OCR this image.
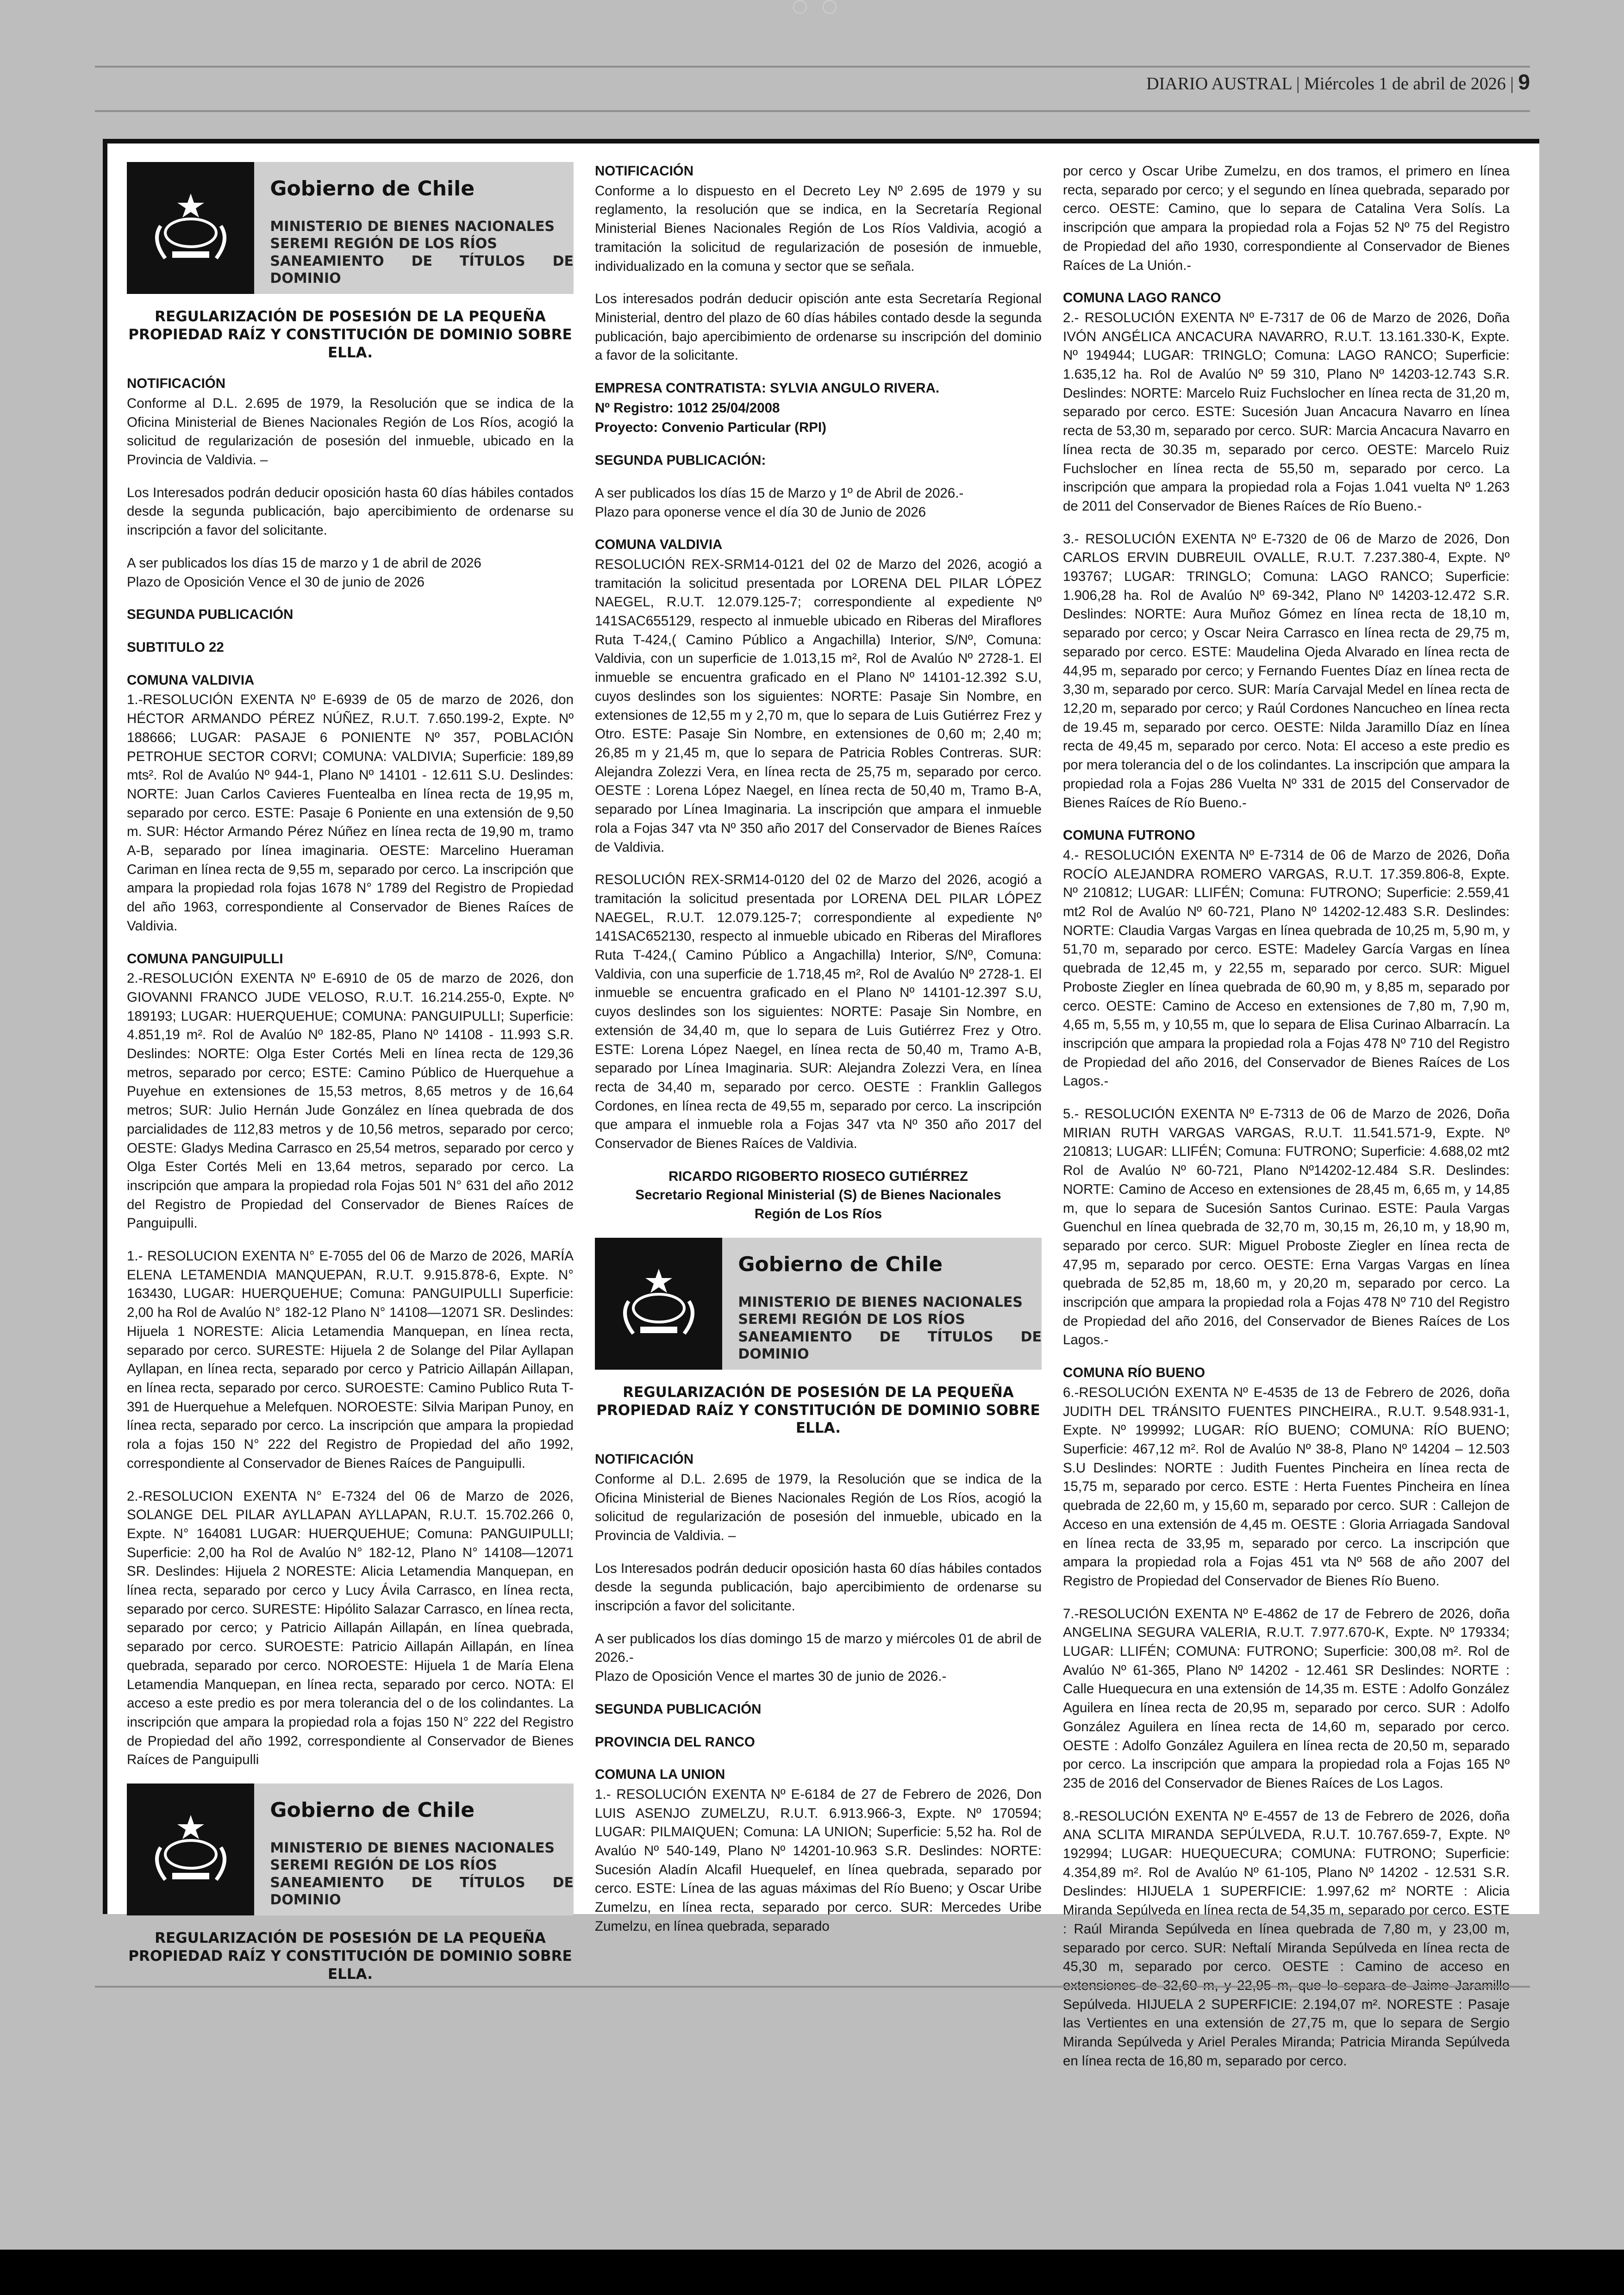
DIARIO AUSTRAL | Miércoles 1 de abril de 2026 | 9
Gobierno de Chile
MINISTERIO DE BIENES NACIONALES
SEREMI REGIÓN DE LOS RÍOS
SANEAMIENTO DE TÍTULOS DE DOMINIO
REGULARIZACIÓN DE POSESIÓN DE LA PEQUEÑA
PROPIEDAD RAÍZ Y CONSTITUCIÓN DE DOMINIO SOBRE ELLA.
NOTIFICACIÓN

Conforme al D.L. 2.695 de 1979, la Resolución que se indica de la Oficina Ministerial de Bienes Nacionales Región de Los Ríos, acogió la solicitud de regularización de posesión del inmueble, ubicado en la Provincia de Valdivia. –

Los Interesados podrán deducir oposición hasta 60 días hábiles contados desde la segunda publicación, bajo apercibimiento de ordenarse su inscripción a favor del solicitante.

A ser publicados los días 15 de marzo y 1 de abril de 2026

Plazo de Oposición Vence el 30 de junio de 2026

SEGUNDA PUBLICACIÓN

SUBTITULO 22

COMUNA VALDIVIA

1.-RESOLUCIÓN EXENTA Nº E-6939 de 05 de marzo de 2026, don HÉCTOR ARMANDO PÉREZ NÚÑEZ, R.U.T. 7.650.199-2, Expte. Nº 188666; LUGAR: PASAJE 6 PONIENTE Nº 357, POBLACIÓN PETROHUE SECTOR CORVI; COMUNA: VALDIVIA; Superficie: 189,89 mts². Rol de Avalúo Nº 944-1, Plano Nº 14101 - 12.611 S.U. Deslindes: NORTE: Juan Carlos Cavieres Fuentealba en línea recta de 19,95 m, separado por cerco. ESTE: Pasaje 6 Poniente en una extensión de 9,50 m. SUR: Héctor Armando Pérez Núñez en línea recta de 19,90 m, tramo A-B, separado por línea imaginaria. OESTE: Marcelino Hueraman Cariman en línea recta de 9,55 m, separado por cerco. La inscripción que ampara la propiedad rola fojas 1678 N° 1789 del Registro de Propiedad del año 1963, correspondiente al Conservador de Bienes Raíces de Valdivia.

COMUNA PANGUIPULLI

2.-RESOLUCIÓN EXENTA Nº E-6910 de 05 de marzo de 2026, don GIOVANNI FRANCO JUDE VELOSO, R.U.T. 16.214.255-0, Expte. Nº 189193; LUGAR: HUERQUEHUE; COMUNA: PANGUIPULLI; Superficie: 4.851,19 m². Rol de Avalúo Nº 182-85, Plano Nº 14108 - 11.993 S.R. Deslindes: NORTE: Olga Ester Cortés Meli en línea recta de 129,36 metros, separado por cerco; ESTE: Camino Público de Huerquehue a Puyehue en extensiones de 15,53 metros, 8,65 metros y de 16,64 metros; SUR: Julio Hernán Jude González en línea quebrada de dos parcialidades de 112,83 metros y de 10,56 metros, separado por cerco; OESTE: Gladys Medina Carrasco en 25,54 metros, separado por cerco y Olga Ester Cortés Meli en 13,64 metros, separado por cerco. La inscripción que ampara la propiedad rola Fojas 501 N° 631 del año 2012 del Registro de Propiedad del Conservador de Bienes Raíces de Panguipulli.

1.- RESOLUCION EXENTA N° E-7055 del 06 de Marzo de 2026, MARÍA ELENA LETAMENDIA MANQUEPAN, R.U.T. 9.915.878-6, Expte. N° 163430, LUGAR: HUERQUEHUE; Comuna: PANGUIPULLI Superficie: 2,00 ha Rol de Avalúo N° 182-12 Plano N° 14108—12071 SR. Deslindes: Hijuela 1 NORESTE: Alicia Letamendia Manquepan, en línea recta, separado por cerco. SURESTE: Hijuela 2 de Solange del Pilar Ayllapan Ayllapan, en línea recta, separado por cerco y Patricio Aillapán Aillapan, en línea recta, separado por cerco. SUROESTE: Camino Publico Ruta T-391 de Huerquehue a Melefquen. NOROESTE: Silvia Maripan Punoy, en línea recta, separado por cerco. La inscripción que ampara la propiedad rola a fojas 150 N° 222 del Registro de Propiedad del año 1992, correspondiente al Conservador de Bienes Raíces de Panguipulli.

2.-RESOLUCION EXENTA N° E-7324 del 06 de Marzo de 2026, SOLANGE DEL PILAR AYLLAPAN AYLLAPAN, R.U.T. 15.702.266 0, Expte. N° 164081 LUGAR: HUERQUEHUE; Comuna: PANGUIPULLI; Superficie: 2,00 ha Rol de Avalúo N° 182-12, Plano N° 14108—12071 SR. Deslindes: Hijuela 2 NORESTE: Alicia Letamendia Manquepan, en línea recta, separado por cerco y Lucy Ávila Carrasco, en línea recta, separado por cerco. SURESTE: Hipólito Salazar Carrasco, en línea recta, separado por cerco; y Patricio Aillapán Aillapán, en línea quebrada, separado por cerco. SUROESTE: Patricio Aillapán Aillapán, en línea quebrada, separado por cerco. NOROESTE: Hijuela 1 de María Elena Letamendia Manquepan, en línea recta, separado por cerco. NOTA: El acceso a este predio es por mera tolerancia del o de los colindantes. La inscripción que ampara la propiedad rola a fojas 150 N° 222 del Registro de Propiedad del año 1992, correspondiente al Conservador de Bienes Raíces de Panguipulli

Gobierno de Chile
MINISTERIO DE BIENES NACIONALES
SEREMI REGIÓN DE LOS RÍOS
SANEAMIENTO DE TÍTULOS DE DOMINIO
REGULARIZACIÓN DE POSESIÓN DE LA PEQUEÑA
PROPIEDAD RAÍZ Y CONSTITUCIÓN DE DOMINIO SOBRE ELLA.
NOTIFICACIÓN

Conforme a lo dispuesto en el Decreto Ley Nº 2.695 de 1979 y su reglamento, la resolución que se indica, en la Secretaría Regional Ministerial Bienes Nacionales Región de Los Ríos Valdivia, acogió a tramitación la solicitud de regularización de posesión de inmueble, individualizado en la comuna y sector que se señala.

Los interesados podrán deducir opisción ante esta Secretaría Regional Ministerial, dentro del plazo de 60 días hábiles contado desde la segunda publicación, bajo apercibimiento de ordenarse su inscripción del dominio a favor de la solicitante.

EMPRESA CONTRATISTA: SYLVIA ANGULO RIVERA.
Nº Registro: 1012 25/04/2008

Proyecto: Convenio Particular (RPI)

SEGUNDA PUBLICACIÓN:

A ser publicados los días 15 de Marzo y 1º de Abril de 2026.-

Plazo para oponerse vence el día 30 de Junio de 2026

COMUNA VALDIVIA

RESOLUCIÓN REX-SRM14-0121 del 02 de Marzo del 2026, acogió a tramitación la solicitud presentada por LORENA DEL PILAR LÓPEZ NAEGEL, R.U.T. 12.079.125-7; correspondiente al expediente Nº 141SAC655129, respecto al inmueble ubicado en Riberas del Miraflores Ruta T-424,( Camino Público a Angachilla) Interior, S/Nº, Comuna: Valdivia, con un superficie de 1.013,15 m², Rol de Avalúo Nº 2728-1. El inmueble se encuentra graficado en el Plano Nº 14101-12.392 S.U, cuyos deslindes son los siguientes: NORTE: Pasaje Sin Nombre, en extensiones de 12,55 m y 2,70 m, que lo separa de Luis Gutiérrez Frez y Otro. ESTE: Pasaje Sin Nombre, en extensiones de 0,60 m; 2,40 m; 26,85 m y 21,45 m, que lo separa de Patricia Robles Contreras. SUR: Alejandra Zolezzi Vera, en línea recta de 25,75 m, separado por cerco. OESTE : Lorena López Naegel, en línea recta de 50,40 m, Tramo B-A, separado por Línea Imaginaria. La inscripción que ampara el inmueble rola a Fojas 347 vta Nº 350 año 2017 del Conservador de Bienes Raíces de Valdivia.

RESOLUCIÓN REX-SRM14-0120 del 02 de Marzo del 2026, acogió a tramitación la solicitud presentada por LORENA DEL PILAR LÓPEZ NAEGEL, R.U.T. 12.079.125-7; correspondiente al expediente Nº 141SAC652130, respecto al inmueble ubicado en Riberas del Miraflores Ruta T-424,( Camino Público a Angachilla) Interior, S/Nº, Comuna: Valdivia, con una superficie de 1.718,45 m², Rol de Avalúo Nº 2728-1. El inmueble se encuentra graficado en el Plano Nº 14101-12.397 S.U, cuyos deslindes son los siguientes: NORTE: Pasaje Sin Nombre, en extensión de 34,40 m, que lo separa de Luis Gutiérrez Frez y Otro. ESTE: Lorena López Naegel, en línea recta de 50,40 m, Tramo A-B, separado por Línea Imaginaria. SUR: Alejandra Zolezzi Vera, en línea recta de 34,40 m, separado por cerco. OESTE : Franklin Gallegos Cordones, en línea recta de 49,55 m, separado por cerco. La inscripción que ampara el inmueble rola a Fojas 347 vta Nº 350 año 2017 del Conservador de Bienes Raíces de Valdivia.

RICARDO RIGOBERTO RIOSECO GUTIÉRREZ
Secretario Regional Ministerial (S) de Bienes Nacionales
Región de Los Ríos
Gobierno de Chile
MINISTERIO DE BIENES NACIONALES
SEREMI REGIÓN DE LOS RÍOS
SANEAMIENTO DE TÍTULOS DE DOMINIO
REGULARIZACIÓN DE POSESIÓN DE LA PEQUEÑA
PROPIEDAD RAÍZ Y CONSTITUCIÓN DE DOMINIO SOBRE ELLA.
NOTIFICACIÓN

Conforme al D.L. 2.695 de 1979, la Resolución que se indica de la Oficina Ministerial de Bienes Nacionales Región de Los Ríos, acogió la solicitud de regularización de posesión del inmueble, ubicado en la Provincia de Valdivia. –

Los Interesados podrán deducir oposición hasta 60 días hábiles contados desde la segunda publicación, bajo apercibimiento de ordenarse su inscripción a favor del solicitante.

A ser publicados los días domingo 15 de marzo y miércoles 01 de abril de 2026.-

Plazo de Oposición Vence el martes 30 de junio de 2026.-

SEGUNDA PUBLICACIÓN

PROVINCIA DEL RANCO

COMUNA LA UNION

1.- RESOLUCIÓN EXENTA Nº E-6184 de 27 de Febrero de 2026, Don LUIS ASENJO ZUMELZU, R.U.T. 6.913.966-3, Expte. Nº 170594; LUGAR: PILMAIQUEN; Comuna: LA UNION; Superficie: 5,52 ha. Rol de Avalúo Nº 540-149, Plano Nº 14201-10.963 S.R. Deslindes: NORTE: Sucesión Aladín Alcafil Huequelef, en línea quebrada, separado por cerco. ESTE: Línea de las aguas máximas del Río Bueno; y Oscar Uribe Zumelzu, en línea recta, separado por cerco. SUR: Mercedes Uribe Zumelzu, en línea quebrada, separado

por cerco y Oscar Uribe Zumelzu, en dos tramos, el primero en línea recta, separado por cerco; y el segundo en línea quebrada, separado por cerco. OESTE: Camino, que lo separa de Catalina Vera Solís. La inscripción que ampara la propiedad rola a Fojas 52 Nº 75 del Registro de Propiedad del año 1930, correspondiente al Conservador de Bienes Raíces de La Unión.-

COMUNA LAGO RANCO

2.- RESOLUCIÓN EXENTA Nº E-7317 de 06 de Marzo de 2026, Doña IVÓN ANGÉLICA ANCACURA NAVARRO, R.U.T. 13.161.330-K, Expte. Nº 194944; LUGAR: TRINGLO; Comuna: LAGO RANCO; Superficie: 1.635,12 ha. Rol de Avalúo Nº 59 310, Plano Nº 14203-12.743 S.R. Deslindes: NORTE: Marcelo Ruiz Fuchslocher en línea recta de 31,20 m, separado por cerco. ESTE: Sucesión Juan Ancacura Navarro en línea recta de 53,30 m, separado por cerco. SUR: Marcia Ancacura Navarro en línea recta de 30.35 m, separado por cerco. OESTE: Marcelo Ruiz Fuchslocher en línea recta de 55,50 m, separado por cerco. La inscripción que ampara la propiedad rola a Fojas 1.041 vuelta Nº 1.263 de 2011 del Conservador de Bienes Raíces de Río Bueno.-

3.- RESOLUCIÓN EXENTA Nº E-7320 de 06 de Marzo de 2026, Don CARLOS ERVIN DUBREUIL OVALLE, R.U.T. 7.237.380-4, Expte. Nº 193767; LUGAR: TRINGLO; Comuna: LAGO RANCO; Superficie: 1.906,28 ha. Rol de Avalúo Nº 69-342, Plano Nº 14203-12.472 S.R. Deslindes: NORTE: Aura Muñoz Gómez en línea recta de 18,10 m, separado por cerco; y Oscar Neira Carrasco en línea recta de 29,75 m, separado por cerco. ESTE: Maudelina Ojeda Alvarado en línea recta de 44,95 m, separado por cerco; y Fernando Fuentes Díaz en línea recta de 3,30 m, separado por cerco. SUR: María Carvajal Medel en línea recta de 12,20 m, separado por cerco; y Raúl Cordones Nancucheo en línea recta de 19.45 m, separado por cerco. OESTE: Nilda Jaramillo Díaz en línea recta de 49,45 m, separado por cerco. Nota: El acceso a este predio es por mera tolerancia del o de los colindantes. La inscripción que ampara la propiedad rola a Fojas 286 Vuelta Nº 331 de 2015 del Conservador de Bienes Raíces de Río Bueno.-

COMUNA FUTRONO

4.- RESOLUCIÓN EXENTA Nº E-7314 de 06 de Marzo de 2026, Doña ROCÍO ALEJANDRA ROMERO VARGAS, R.U.T. 17.359.806-8, Expte. Nº 210812; LUGAR: LLIFÉN; Comuna: FUTRONO; Superficie: 2.559,41 mt2 Rol de Avalúo Nº 60-721, Plano Nº 14202-12.483 S.R. Deslindes: NORTE: Claudia Vargas Vargas en línea quebrada de 10,25 m, 5,90 m, y 51,70 m, separado por cerco. ESTE: Madeley García Vargas en línea quebrada de 12,45 m, y 22,55 m, separado por cerco. SUR: Miguel Proboste Ziegler en línea quebrada de 60,90 m, y 8,85 m, separado por cerco. OESTE: Camino de Acceso en extensiones de 7,80 m, 7,90 m, 4,65 m, 5,55 m, y 10,55 m, que lo separa de Elisa Curinao Albarracín. La inscripción que ampara la propiedad rola a Fojas 478 Nº 710 del Registro de Propiedad del año 2016, del Conservador de Bienes Raíces de Los Lagos.-

5.- RESOLUCIÓN EXENTA Nº E-7313 de 06 de Marzo de 2026, Doña MIRIAN RUTH VARGAS VARGAS, R.U.T. 11.541.571-9, Expte. Nº 210813; LUGAR: LLIFÉN; Comuna: FUTRONO; Superficie: 4.688,02 mt2 Rol de Avalúo Nº 60-721, Plano Nº14202-12.484 S.R. Deslindes: NORTE: Camino de Acceso en extensiones de 28,45 m, 6,65 m, y 14,85 m, que lo separa de Sucesión Santos Curinao. ESTE: Paula Vargas Guenchul en línea quebrada de 32,70 m, 30,15 m, 26,10 m, y 18,90 m, separado por cerco. SUR: Miguel Proboste Ziegler en línea recta de 47,95 m, separado por cerco. OESTE: Erna Vargas Vargas en línea quebrada de 52,85 m, 18,60 m, y 20,20 m, separado por cerco. La inscripción que ampara la propiedad rola a Fojas 478 Nº 710 del Registro de Propiedad del año 2016, del Conservador de Bienes Raíces de Los Lagos.-

COMUNA RÍO BUENO

6.-RESOLUCIÓN EXENTA Nº E-4535 de 13 de Febrero de 2026, doña JUDITH DEL TRÁNSITO FUENTES PINCHEIRA., R.U.T. 9.548.931-1, Expte. Nº 199992; LUGAR: RÍO BUENO; COMUNA: RÍO BUENO; Superficie: 467,12 m². Rol de Avalúo Nº 38-8, Plano Nº 14204 – 12.503 S.U Deslindes: NORTE : Judith Fuentes Pincheira en línea recta de 15,75 m, separado por cerco. ESTE : Herta Fuentes Pincheira en línea quebrada de 22,60 m, y 15,60 m, separado por cerco. SUR : Callejon de Acceso en una extensión de 4,45 m. OESTE : Gloria Arriagada Sandoval en línea recta de 33,95 m, separado por cerco. La inscripción que ampara la propiedad rola a Fojas 451 vta Nº 568 de año 2007 del Registro de Propiedad del Conservador de Bienes Río Bueno.

7.-RESOLUCIÓN EXENTA Nº E-4862 de 17 de Febrero de 2026, doña ANGELINA SEGURA VALERIA, R.U.T. 7.977.670-K, Expte. Nº 179334; LUGAR: LLIFÉN; COMUNA: FUTRONO; Superficie: 300,08 m². Rol de Avalúo Nº 61-365, Plano Nº 14202 - 12.461 SR Deslindes: NORTE : Calle Huequecura en una extensión de 14,35 m. ESTE : Adolfo González Aguilera en línea recta de 20,95 m, separado por cerco. SUR : Adolfo González Aguilera en línea recta de 14,60 m, separado por cerco. OESTE : Adolfo González Aguilera en línea recta de 20,50 m, separado por cerco. La inscripción que ampara la propiedad rola a Fojas 165 Nº 235 de 2016 del Conservador de Bienes Raíces de Los Lagos.

8.-RESOLUCIÓN EXENTA Nº E-4557 de 13 de Febrero de 2026, doña ANA SCLITA MIRANDA SEPÚLVEDA, R.U.T. 10.767.659-7, Expte. Nº 192994; LUGAR: HUEQUECURA; COMUNA: FUTRONO; Superficie: 4.354,89 m². Rol de Avalúo Nº 61-105, Plano Nº 14202 - 12.531 S.R. Deslindes: HIJUELA 1 SUPERFICIE: 1.997,62 m² NORTE : Alicia Miranda Sepúlveda en línea recta de 54,35 m, separado por cerco. ESTE : Raúl Miranda Sepúlveda en línea quebrada de 7,80 m, y 23,00 m, separado por cerco. SUR: Neftalí Miranda Sepúlveda en línea recta de 45,30 m, separado por cerco. OESTE : Camino de acceso en Sepúlveda. HIJUELA 2 SUPERFICIE: 2.194,07 m². NORESTE : Pasaje las Vertientes en una extensión de 27,75 m, que lo separa de Sergio Miranda Sepúlveda y Ariel Perales Miranda; Patricia Miranda Sepúlveda en línea recta de 16,80 m, separado por cerco.
